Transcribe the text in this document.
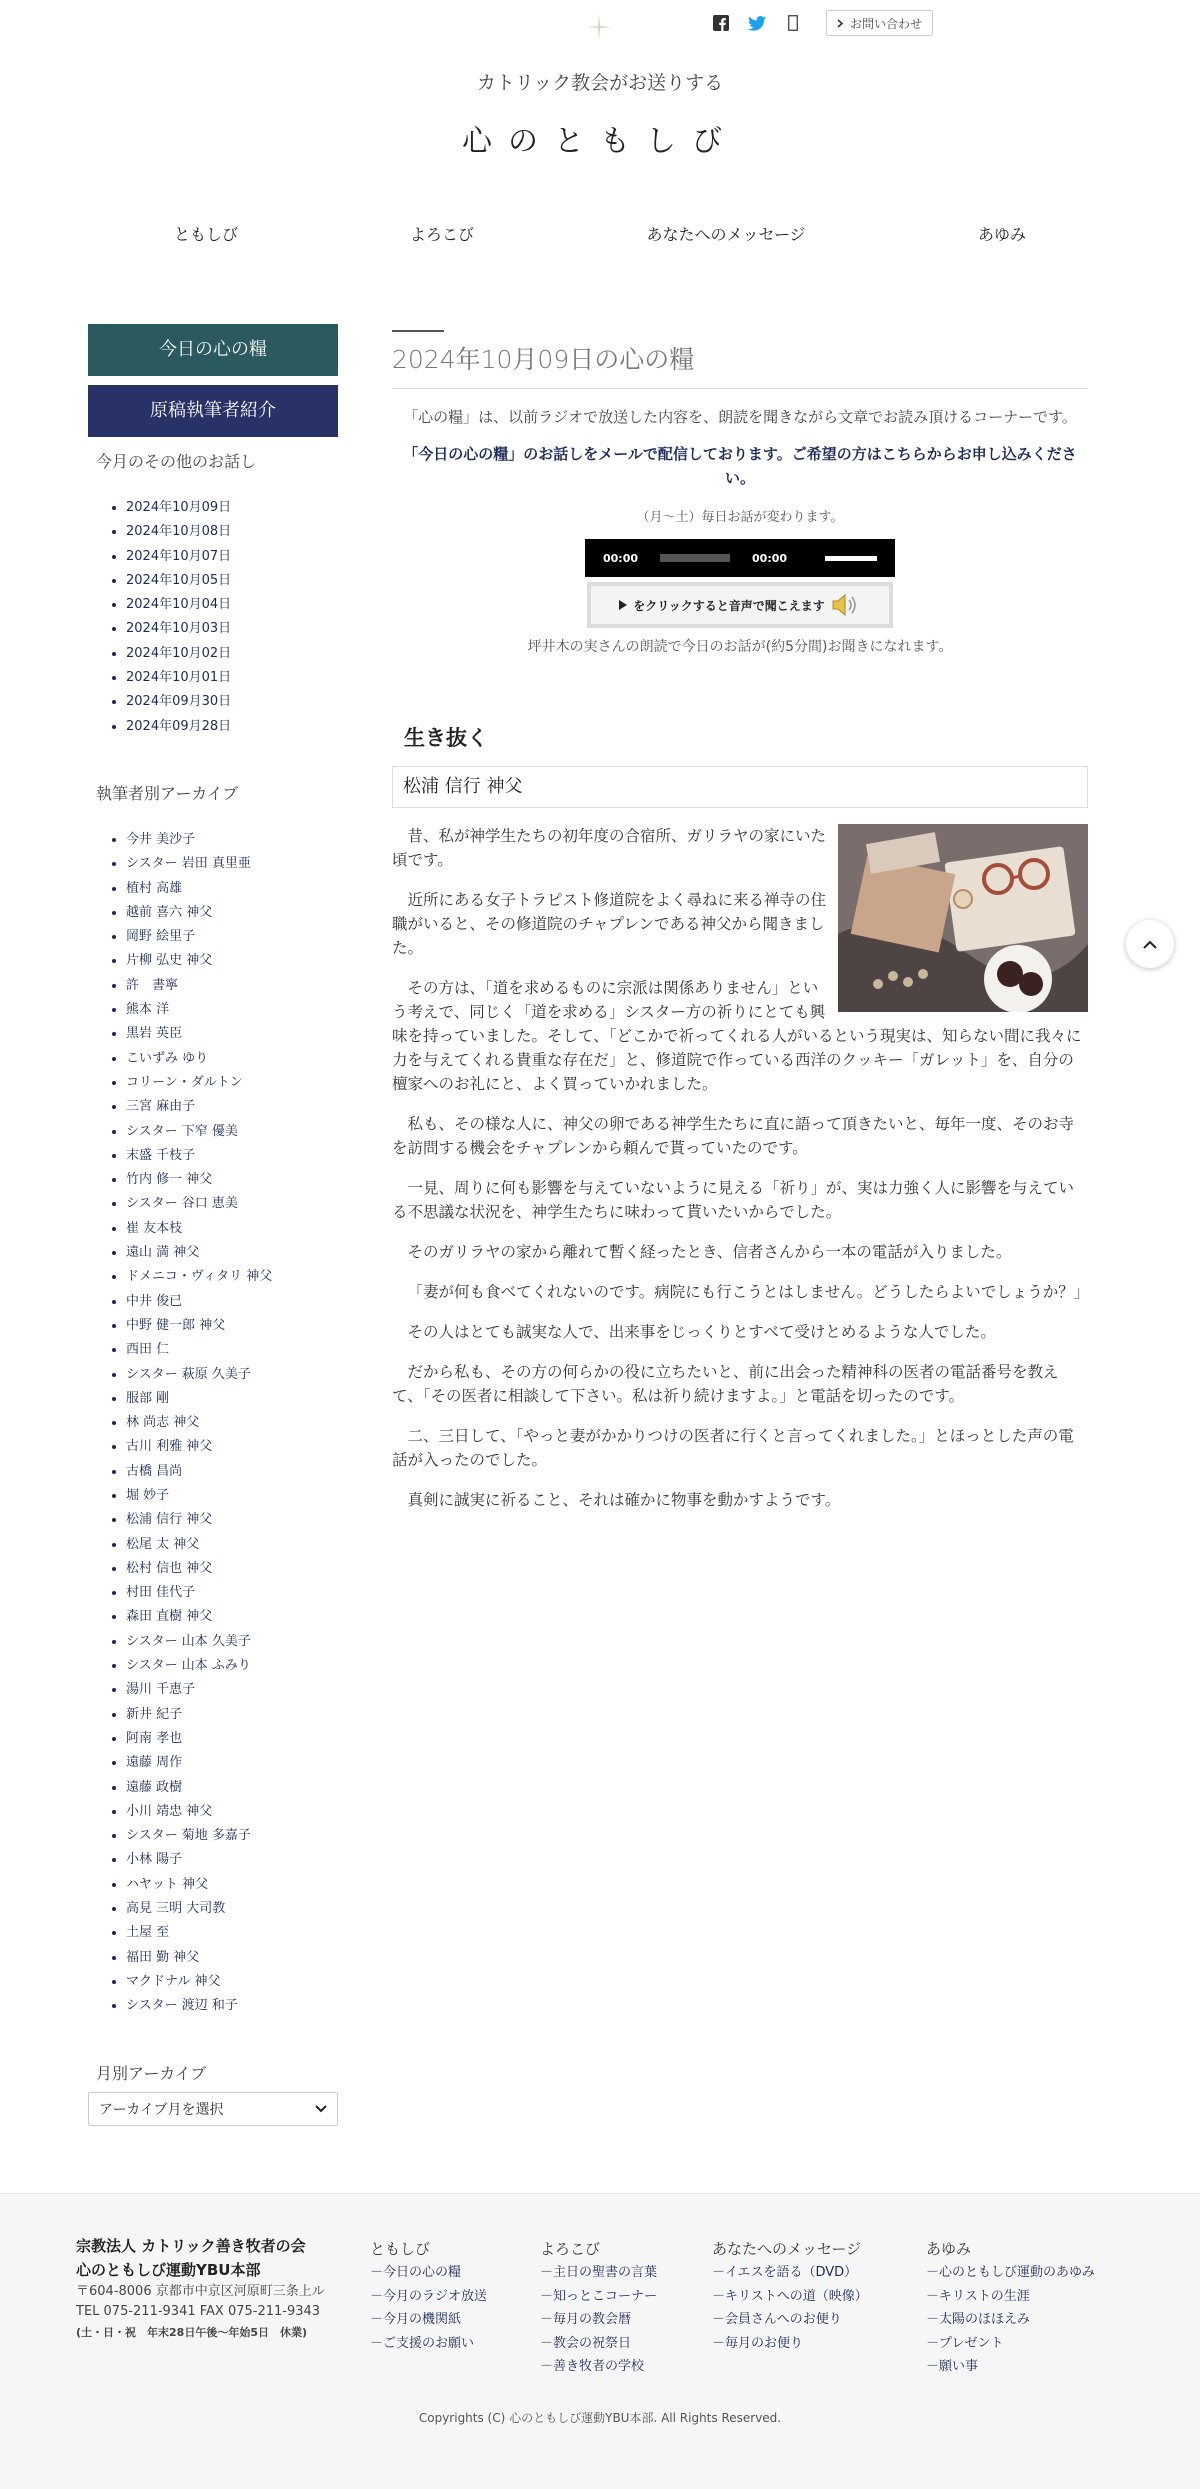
お問い合わせ
カトリック教会がお送りする
心のともしび
ともしび	よろこび	あなたへのメッセージ	あゆみ
今日の心の糧
原稿執筆者紹介
今月のその他のお話し
• 2024年10月09日
• 2024年10月08日
• 2024年10月07日
• 2024年10月05日
• 2024年10月04日
• 2024年10月03日
• 2024年10月02日
• 2024年10月01日
• 2024年09月30日
• 2024年09月28日
執筆者別アーカイブ
• 今井 美沙子
• シスター 岩田 真里亜
• 植村 高雄
• 越前 喜六 神父
• 岡野 絵里子
• 片柳 弘史 神父
• 許　書寧
• 熊本 洋
• 黒岩 英臣
• こいずみ ゆり
• コリーン・ダルトン
• 三宮 麻由子
• シスター 下窄 優美
• 末盛 千枝子
• 竹内 修一 神父
• シスター 谷口 恵美
• 崔 友本枝
• 遠山 満 神父
• ドメニコ・ヴィタリ 神父
• 中井 俊已
• 中野 健一郎 神父
• 西田 仁
• シスター 萩原 久美子
• 服部 剛
• 林 尚志 神父
• 古川 利雅 神父
• 古橋 昌尚
• 堀 妙子
• 松浦 信行 神父
• 松尾 太 神父
• 松村 信也 神父
• 村田 佳代子
• 森田 直樹 神父
• シスター 山本 久美子
• シスター 山本 ふみり
• 湯川 千恵子
• 新井 紀子
• 阿南 孝也
• 遠藤 周作
• 遠藤 政樹
• 小川 靖忠 神父
• シスター 菊地 多嘉子
• 小林 陽子
• ハヤット 神父
• 高見 三明 大司教
• 土屋 至
• 福田 勤 神父
• マクドナル 神父
• シスター 渡辺 和子
月別アーカイブ
アーカイブ月を選択
2024年10月09日の心の糧
「心の糧」は、以前ラジオで放送した内容を、朗読を聞きながら文章でお読み頂けるコーナーです。
「今日の心の糧」のお話しをメールで配信しております。ご希望の方はこちらからお申し込みください。
（月〜土）毎日お話が変わります。
00:00	00:00
をクリックすると音声で聞こえます
坪井木の実さんの朗読で今日のお話が(約5分間)お聞きになれます。
生き抜く
松浦 信行 神父

昔、私が神学生たちの初年度の合宿所、ガリラヤの家にいた頃です。

近所にある女子トラピスト修道院をよく尋ねに来る禅寺の住職がいると、その修道院のチャプレンである神父から聞きました。

その方は、「道を求めるものに宗派は関係ありません」という考えで、同じく「道を求める」シスター方の祈りにとても興味を持っていました。そして、「どこかで祈ってくれる人がいるという現実は、知らない間に我々に力を与えてくれる貴重な存在だ」と、修道院で作っている西洋のクッキー「ガレット」を、自分の檀家へのお礼にと、よく買っていかれました。

私も、その様な人に、神父の卵である神学生たちに直に語って頂きたいと、毎年一度、そのお寺を訪問する機会をチャプレンから頼んで貰っていたのです。

一見、周りに何も影響を与えていないように見える「祈り」が、実は力強く人に影響を与えている不思議な状況を、神学生たちに味わって貰いたいからでした。

そのガリラヤの家から離れて暫く経ったとき、信者さんから一本の電話が入りました。

「妻が何も食べてくれないのです。病院にも行こうとはしません。どうしたらよいでしょうか？」

その人はとても誠実な人で、出来事をじっくりとすべて受けとめるような人でした。

だから私も、その方の何らかの役に立ちたいと、前に出会った精神科の医者の電話番号を教えて、「その医者に相談して下さい。私は祈り続けますよ。」と電話を切ったのです。

二、三日して、「やっと妻がかかりつけの医者に行くと言ってくれました。」とほっとした声の電話が入ったのでした。

真剣に誠実に祈ること、それは確かに物事を動かすようです。

宗教法人 カトリック善き牧者の会
心のともしび運動YBU本部
〒604-8006 京都市中京区河原町三条上ル
TEL 075-211-9341 FAX 075-211-9343
(土・日・祝　年末28日午後〜年始5日　休業)
ともしび
－今日の心の糧
－今月のラジオ放送
－今月の機関紙
－ご支援のお願い
よろこび
－主日の聖書の言葉
－知っとこコーナー
－毎月の教会暦
－教会の祝祭日
－善き牧者の学校
あなたへのメッセージ
－イエスを語る（DVD）
－キリストへの道（映像）
－会員さんへのお便り
－毎月のお便り
あゆみ
－心のともしび運動のあゆみ
－キリストの生涯
－太陽のほほえみ
－プレゼント
－願い事
Copyrights (C) 心のともしび運動YBU本部. All Rights Reserved.
